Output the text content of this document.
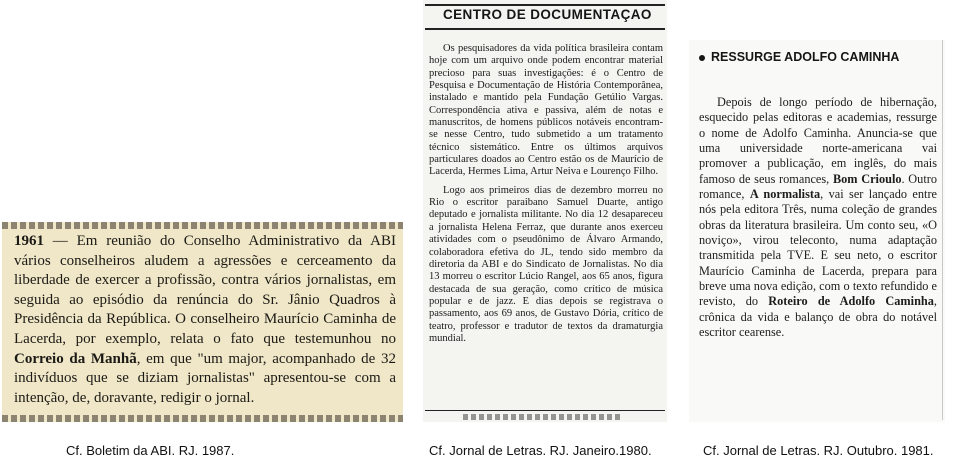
1961 — Em reunião do Conselho Administrativo da ABI vários conselheiros aludem a agressões e cerceamento da liberdade de exercer a profissão, contra vários jornalistas, em seguida ao episódio da renúncia do Sr. Jânio Quadros à Presidência da República. O conselheiro Maurício Caminha de Lacerda, por exemplo, relata o fato que testemunhou no Correio da Manhã, em que "um major, acompanhado de 32 indivíduos que se diziam jornalistas" apresentou-se com a intenção, de, doravante, redigir o jornal.
CENTRO DE DOCUMENTAÇAO

Os pesquisadores da vida política brasileira contam hoje com um arquivo onde podem encontrar material precioso para suas investigações: é o Centro de Pesquisa e Documentação de História Contemporânea, instalado e mantido pela Fundação Getúlio Vargas. Correspondência ativa e passiva, além de notas e manuscritos, de homens públicos notáveis encontram-se nesse Centro, tudo submetido a um tratamento técnico sistemático. Entre os últimos arquivos particulares doados ao Centro estão os de Maurício de Lacerda, Hermes Lima, Artur Neiva e Lourenço Filho.

Logo aos primeiros dias de dezembro morreu no Rio o escritor paraibano Samuel Duarte, antigo deputado e jornalista militante. No dia 12 desapareceu a jornalista Helena Ferraz, que durante anos exerceu atividades com o pseudônimo de Álvaro Armando, colaboradora efetiva do JL, tendo sido membro da diretoria da ABI e do Sindicato de Jornalistas. No dia 13 morreu o escritor Lúcio Rangel, aos 65 anos, figura destacada de sua geração, como crítico de música popular e de jazz. E dias depois se registrava o passamento, aos 69 anos, de Gustavo Dória, crítico de teatro, professor e tradutor de textos da dramaturgia mundial.

RESSURGE ADOLFO CAMINHA

Depois de longo período de hibernação, esquecido pelas editoras e academias, ressurge o nome de Adolfo Caminha. Anuncia-se que uma universidade norte-americana vai promover a publicação, em inglês, do mais famoso de seus romances, Bom Crioulo. Outro romance, A normalista, vai ser lançado entre nós pela editora Três, numa coleção de grandes obras da literatura brasileira. Um conto seu, «O noviço», virou teleconto, numa adaptação transmitida pela TVE. E seu neto, o escritor Maurício Caminha de Lacerda, prepara para breve uma nova edição, com o texto refundido e revisto, do Roteiro de Adolfo Caminha, crônica da vida e balanço de obra do notável escritor cearense.

Cf. Boletim da ABI. RJ. 1987.	Cf. Jornal de Letras. RJ. Janeiro.1980.	Cf. Jornal de Letras. RJ. Outubro. 1981.
